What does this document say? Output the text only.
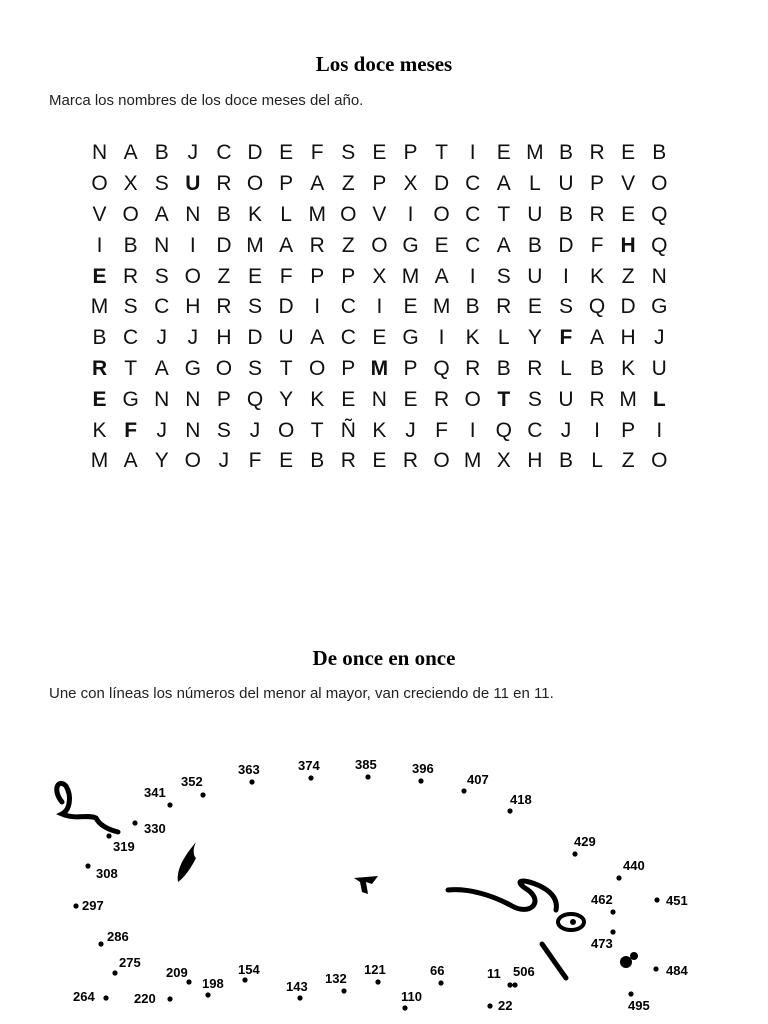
Los doce meses
Marca los nombres de los doce meses del año.
N A B J C D E F S E P T	I	E M B R E B
O X S U R O P A Z P X D C A L U P V O
V O A N B K L M O V	I O C T U B R E Q
I	B N I D M A R Z O G E C A B D F H Q
E R S O Z E F P P X M A	I	S U I	K Z N
M S C H R S D I C I	E M B R E S Q D G
B C J J H D U A C E G I	K L Y F A H J
R T A G O S T O P M P Q R B R L B K U
E G N N P Q Y K E N E R O T S U R M L
K F J N S J O T Ñ K J F	I Q C J	I	P	I
M A Y O J F E B R E R O M X H B L Z O
De once en once
Une con líneas los números del menor al mayor, van creciendo de 11 en 11.
363	374	385	396
352
341
407
418
330
319	429
440
308
297	462	451
286	473
275
209
198
154
143
132
121	66	11 506	484
264	220	110
22	495
